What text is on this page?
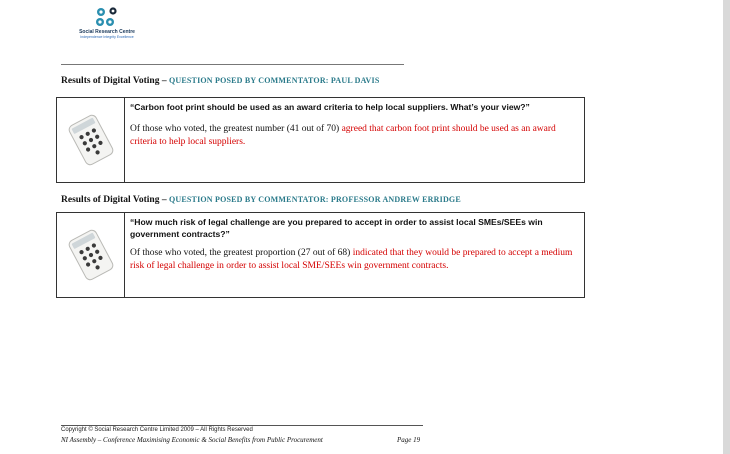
Social Research Centre
Independence Integrity Excellence
Results of Digital Voting – QUESTION POSED BY COMMENTATOR: PAUL DAVIS

“Carbon foot print should be used as an award criteria to help local suppliers. What’s your view?”

Of those who voted, the greatest number (41 out of 70) agreed that carbon foot print should be used as an award criteria to help local suppliers.

Results of Digital Voting – QUESTION POSED BY COMMENTATOR: PROFESSOR ANDREW ERRIDGE

“How much risk of legal challenge are you prepared to accept in order to assist local SMEs/SEEs win government contracts?”

Of those who voted, the greatest proportion (27 out of 68) indicated that they would be prepared to accept a medium risk of legal challenge in order to assist local SME/SEEs win government contracts.

Copyright © Social Research Centre Limited 2009 – All Rights Reserved
NI Assembly – Conference Maximising Economic & Social Benefits from Public Procurement	Page 19
